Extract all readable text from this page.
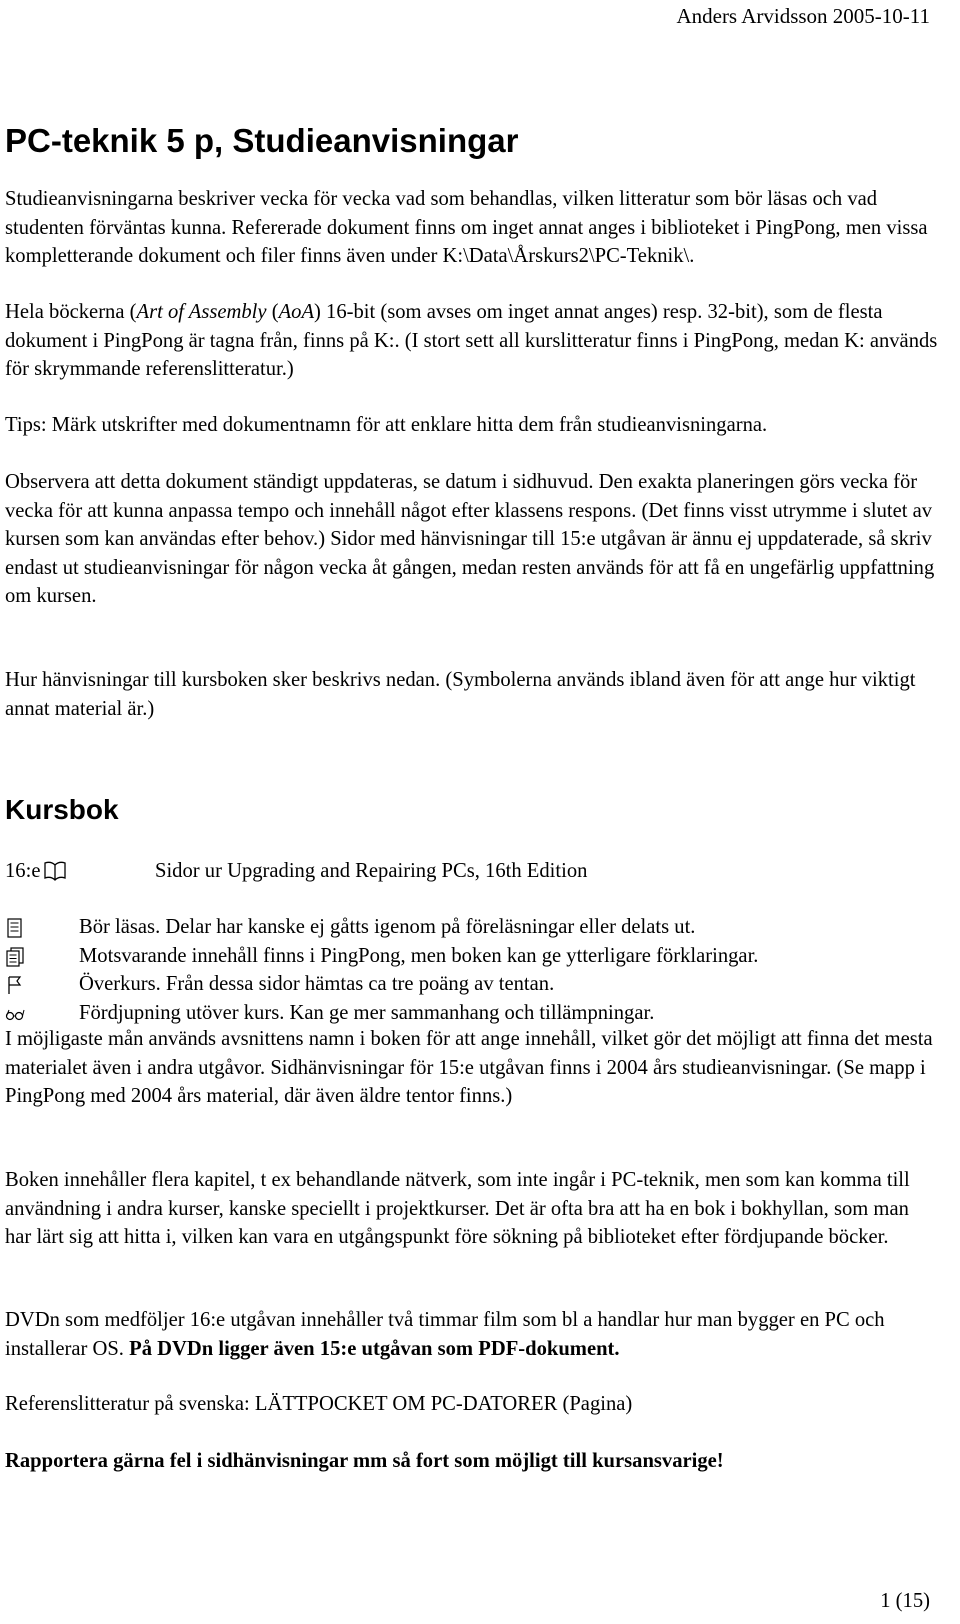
Anders Arvidsson 2005-10-11
PC-teknik 5 p, Studieanvisningar

Studieanvisningarna beskriver vecka för vecka vad som behandlas, vilken litteratur som bör läsas och vad studenten förväntas kunna. Refererade dokument finns om inget annat anges i biblioteket i PingPong, men vissa kompletterande dokument och filer finns även under K:\Data\Årskurs2\PC-Teknik\.

Hela böckerna (Art of Assembly (AoA) 16-bit (som avses om inget annat anges) resp. 32-bit), som de flesta dokument i PingPong är tagna från, finns på K:. (I stort sett all kurslitteratur finns i PingPong, medan K: används för skrymmande referenslitteratur.)

Tips: Märk utskrifter med dokumentnamn för att enklare hitta dem från studieanvisningarna.

Observera att detta dokument ständigt uppdateras, se datum i sidhuvud. Den exakta planeringen görs vecka för vecka för att kunna anpassa tempo och innehåll något efter klassens respons. (Det finns visst utrymme i slutet av kursen som kan användas efter behov.) Sidor med hänvisningar till 15:e utgåvan är ännu ej uppdaterade, så skriv endast ut studieanvisningar för någon vecka åt gången, medan resten används för att få en ungefärlig uppfattning om kursen.

Hur hänvisningar till kursboken sker beskrivs nedan. (Symbolerna används ibland även för att ange hur viktigt annat material är.)

Kursbok
16:e	Sidor ur Upgrading and Repairing PCs, 16th Edition
Bör läsas. Delar har kanske ej gåtts igenom på föreläsningar eller delats ut.
Motsvarande innehåll finns i PingPong, men boken kan ge ytterligare förklaringar.
Överkurs. Från dessa sidor hämtas ca tre poäng av tentan.
Fördjupning utöver kurs. Kan ge mer sammanhang och tillämpningar.

I möjligaste mån används avsnittens namn i boken för att ange innehåll, vilket gör det möjligt att finna det mesta materialet även i andra utgåvor. Sidhänvisningar för 15:e utgåvan finns i 2004 års studieanvisningar. (Se mapp i PingPong med 2004 års material, där även äldre tentor finns.)

Boken innehåller flera kapitel, t ex behandlande nätverk, som inte ingår i PC-teknik, men som kan komma till användning i andra kurser, kanske speciellt i projektkurser. Det är ofta bra att ha en bok i bokhyllan, som man har lärt sig att hitta i, vilken kan vara en utgångspunkt före sökning på biblioteket efter fördjupande böcker.

DVDn som medföljer 16:e utgåvan innehåller två timmar film som bl a handlar hur man bygger en PC och installerar OS. På DVDn ligger även 15:e utgåvan som PDF-dokument.

Referenslitteratur på svenska: LÄTTPOCKET OM PC-DATORER (Pagina)

Rapportera gärna fel i sidhänvisningar mm så fort som möjligt till kursansvarige!

1 (15)
